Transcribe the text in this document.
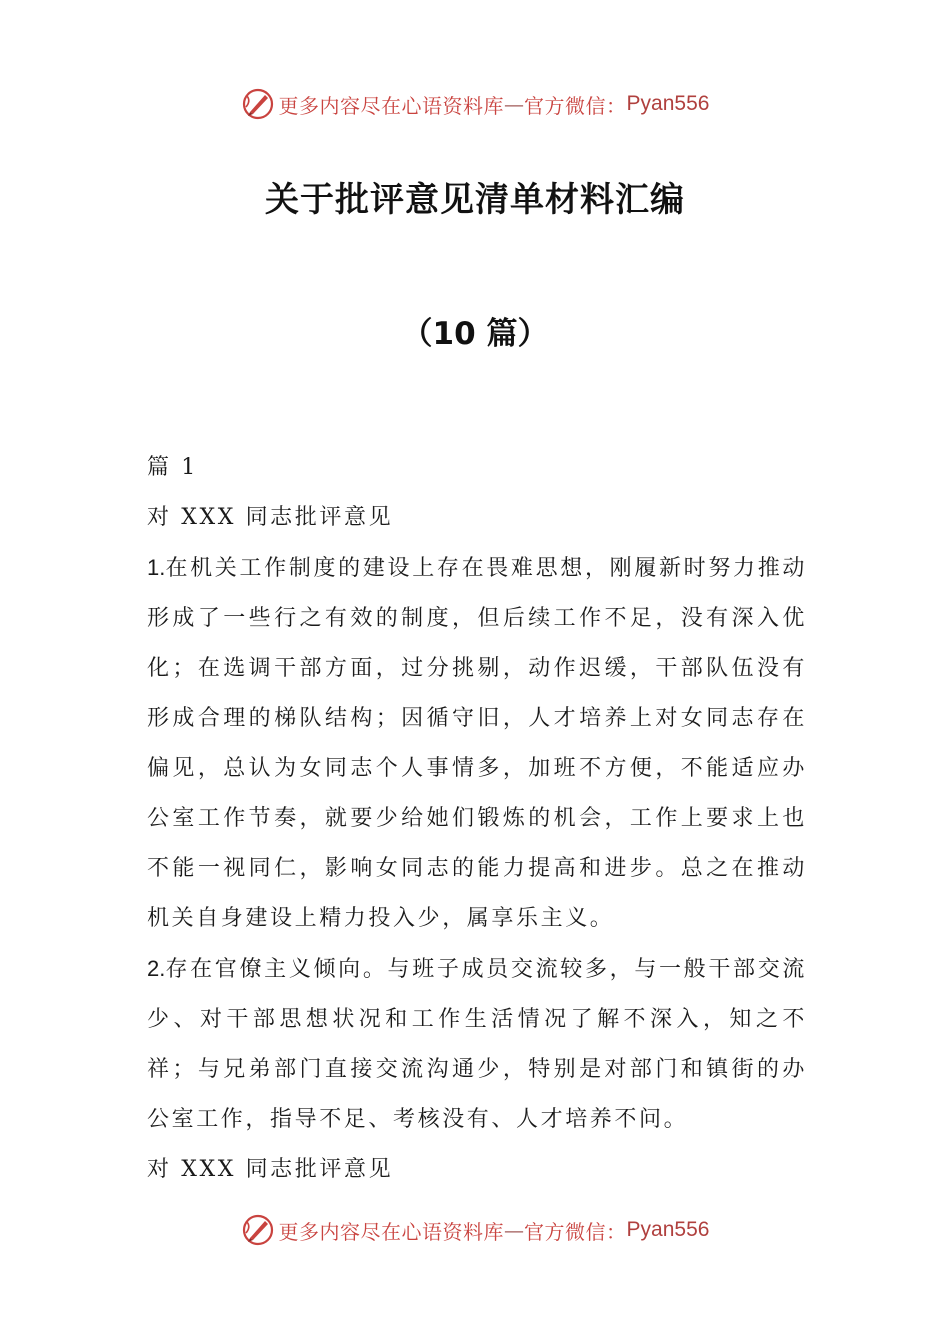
更多内容尽在心语资料库 — 官方微信： Pyan556
关于批评意见清单材料汇编
（10 篇）

篇 1

对 XXX 同志批评意见

1.在机关工作制度的建设上存在畏难思想，刚履新时努力推动形成了一些行之有效的制度，但后续工作不足，没有深入优化；在选调干部方面，过分挑剔，动作迟缓，干部队伍没有形成合理的梯队结构；因循守旧，人才培养上对女同志存在偏见，总认为女同志个人事情多，加班不方便，不能适应办公室工作节奏，就要少给她们锻炼的机会，工作上要求上也不能一视同仁，影响女同志的能力提高和进步。总之在推动机关自身建设上精力投入少，属享乐主义。

2.存在官僚主义倾向。与班子成员交流较多，与一般干部交流少、对干部思想状况和工作生活情况了解不深入，知之不祥；与兄弟部门直接交流沟通少，特别是对部门和镇街的办公室工作，指导不足、考核没有、人才培养不问。

对 XXX 同志批评意见

更多内容尽在心语资料库 — 官方微信： Pyan556
